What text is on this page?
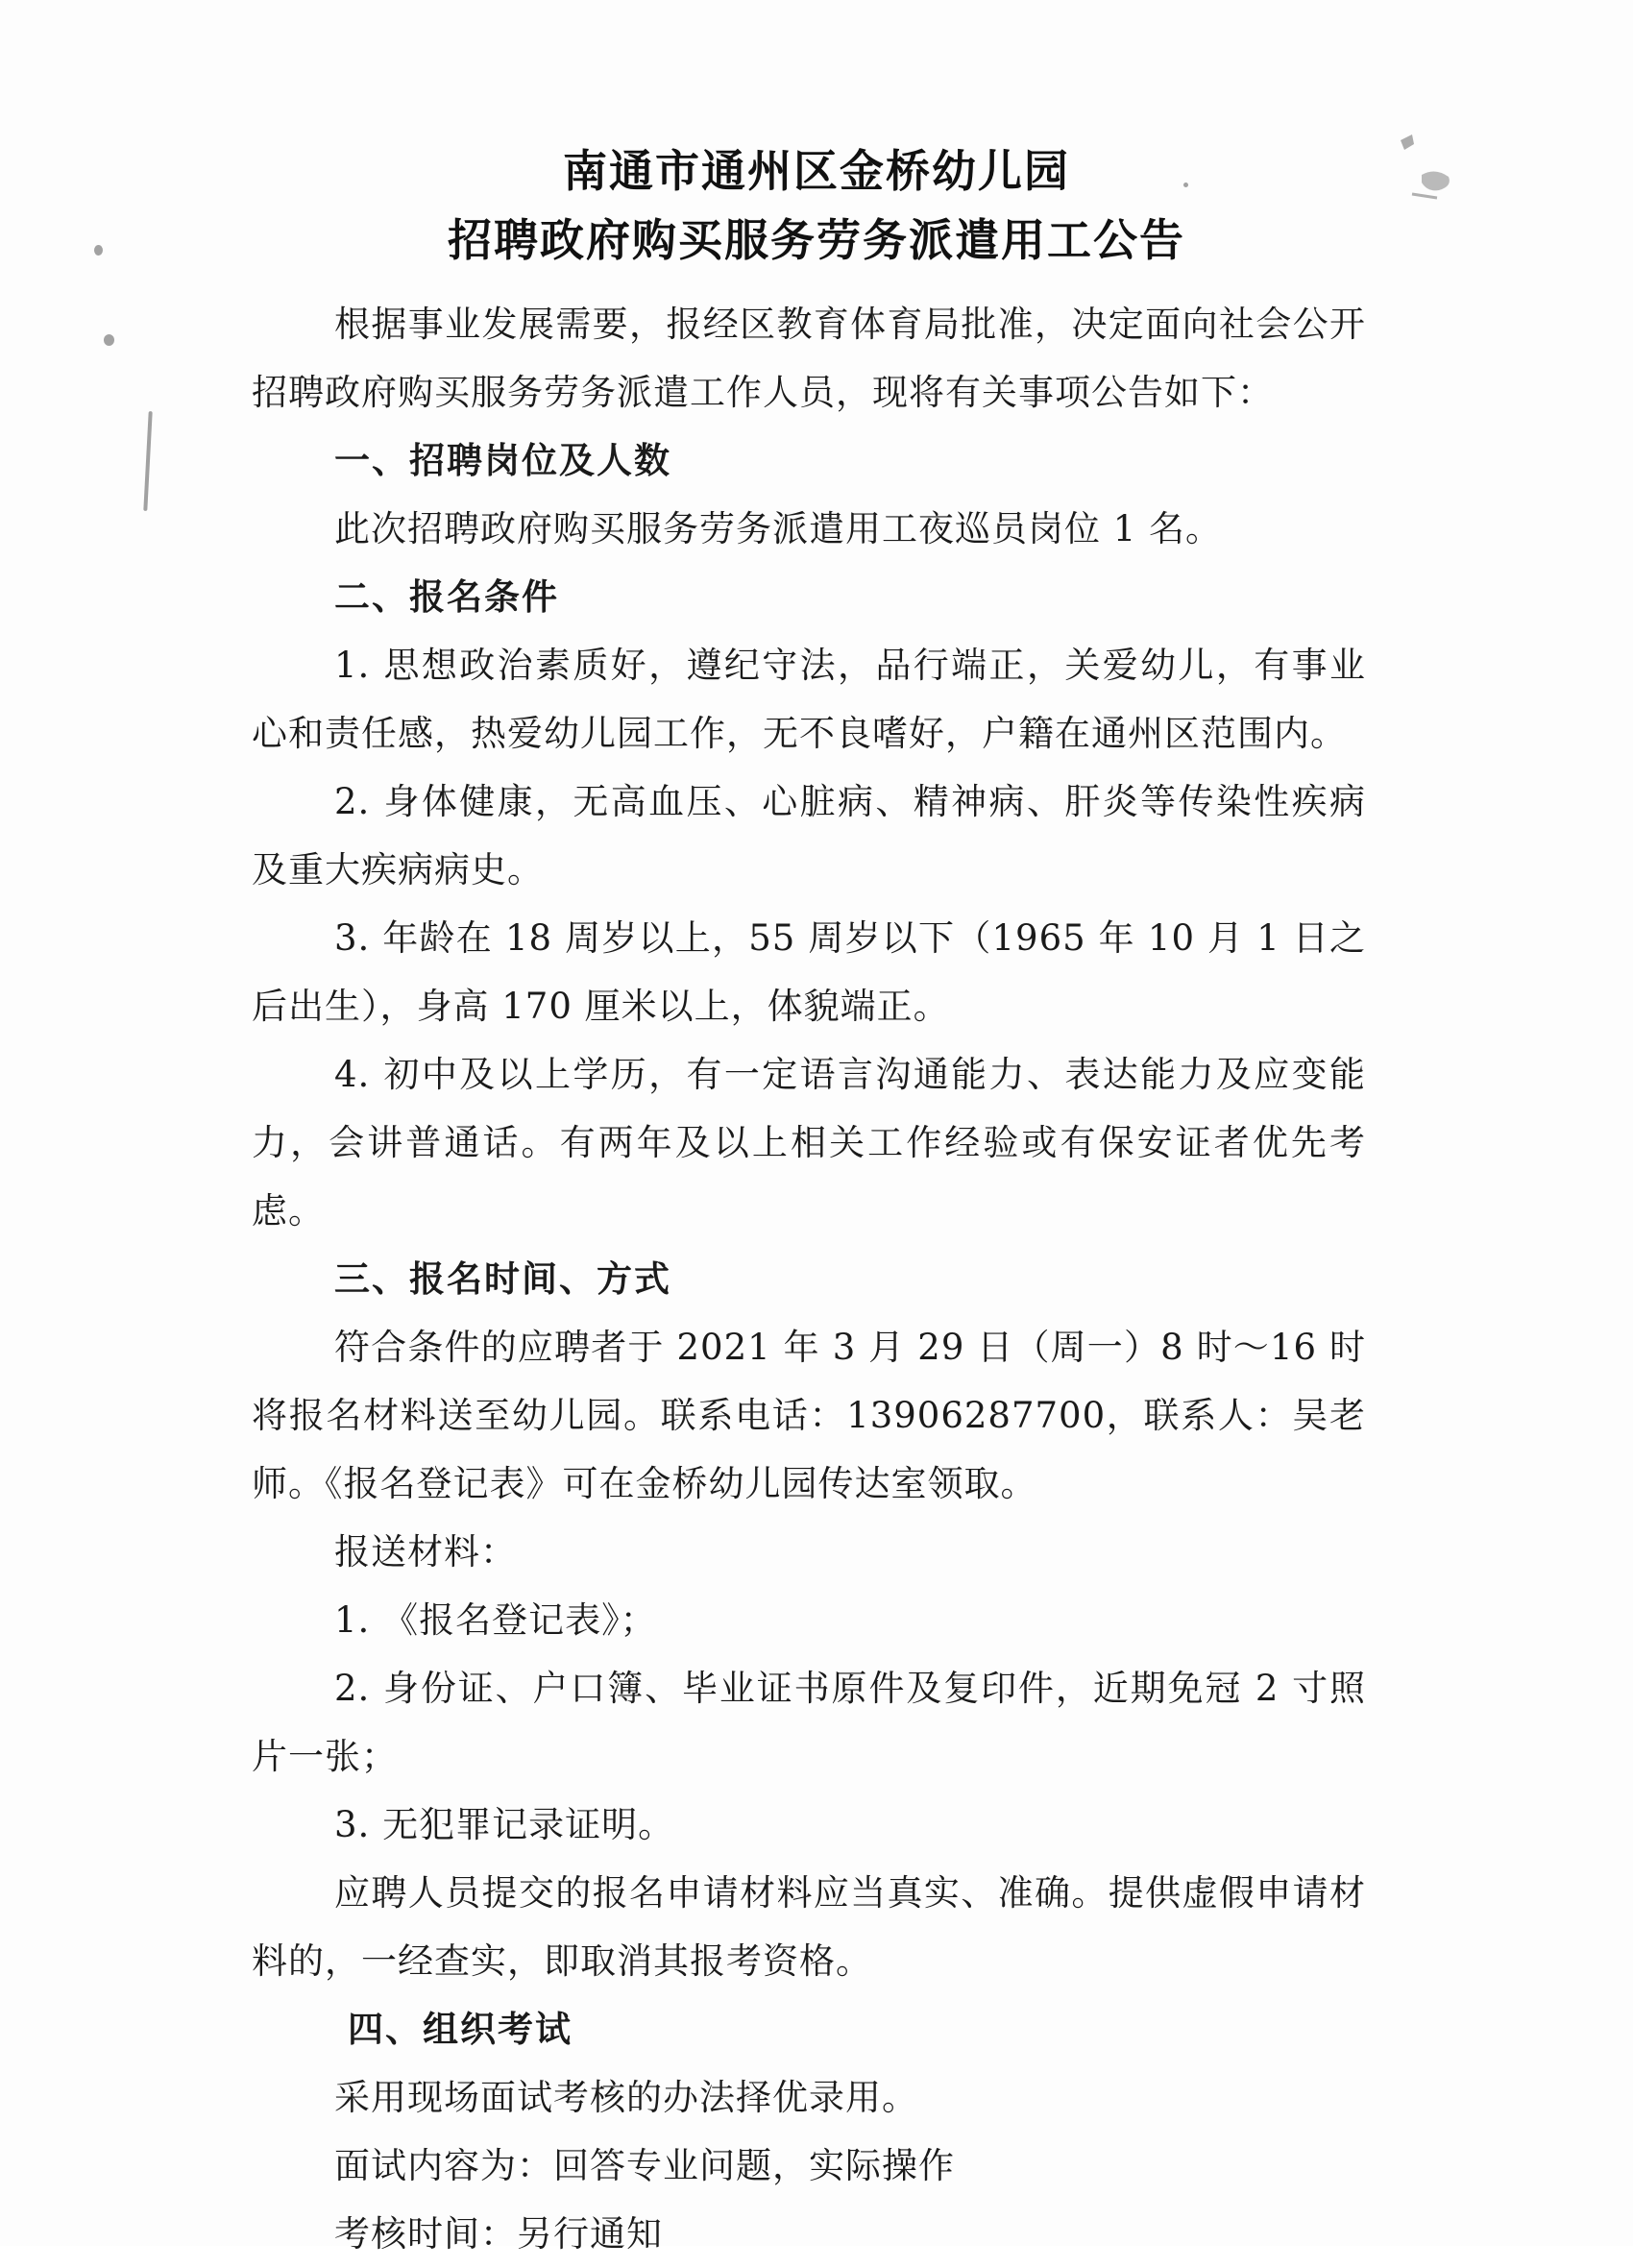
南通市通州区金桥幼儿园
招聘政府购买服务劳务派遣用工公告

根据事业发展需要，报经区教育体育局批准，决定面向社会公开招聘政府购买服务劳务派遣工作人员，现将有关事项公告如下：

一、招聘岗位及人数

此次招聘政府购买服务劳务派遣用工夜巡员岗位 1 名。

二、报名条件

1. 思想政治素质好，遵纪守法，品行端正，关爱幼儿，有事业心和责任感，热爱幼儿园工作，无不良嗜好，户籍在通州区范围内。

2. 身体健康，无高血压、心脏病、精神病、肝炎等传染性疾病及重大疾病病史。

3. 年龄在 18 周岁以上，55 周岁以下（1965 年 10 月 1 日之后出生），身高 170 厘米以上，体貌端正。

4. 初中及以上学历，有一定语言沟通能力、表达能力及应变能力，会讲普通话。有两年及以上相关工作经验或有保安证者优先考虑。

三、报名时间、方式

符合条件的应聘者于 2021 年 3 月 29 日（周一）8 时～16 时将报名材料送至幼儿园。联系电话：13906287700，联系人：吴老师。《报名登记表》可在金桥幼儿园传达室领取。

报送材料：

1. 《报名登记表》；

2. 身份证、户口簿、毕业证书原件及复印件，近期免冠 2 寸照片一张；

3. 无犯罪记录证明。

应聘人员提交的报名申请材料应当真实、准确。提供虚假申请材料的，一经查实，即取消其报考资格。

四、组织考试

采用现场面试考核的办法择优录用。

面试内容为：回答专业问题，实际操作

考核时间：另行通知
